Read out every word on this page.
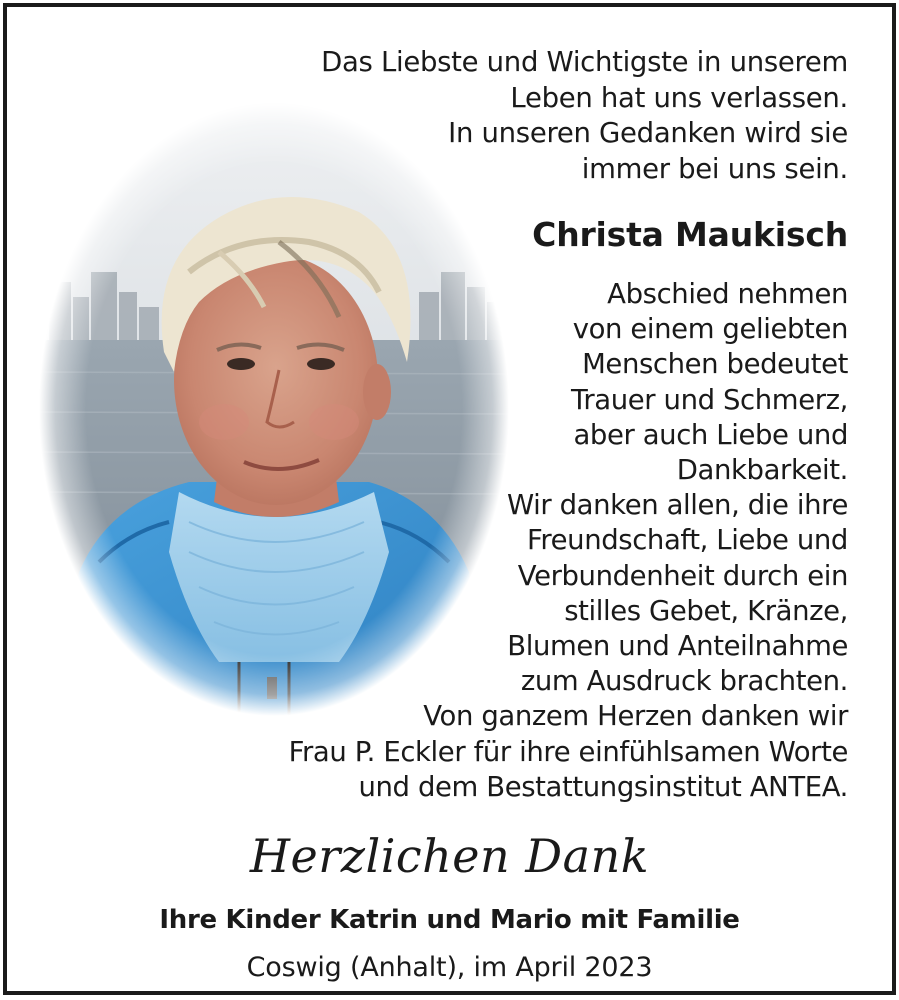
Das Liebste und Wichtigste in unserem
Leben hat uns verlassen.
In unseren Gedanken wird sie
immer bei uns sein.

Christa Maukisch

Abschied nehmen
von einem geliebten
Menschen bedeutet
Trauer und Schmerz,
aber auch Liebe und
Dankbarkeit.
Wir danken allen, die ihre
Freundschaft, Liebe und
Verbundenheit durch ein
stilles Gebet, Kränze,
Blumen und Anteilnahme
zum Ausdruck brachten.
Von ganzem Herzen danken wir
Frau P. Eckler für ihre einfühlsamen Worte
und dem Bestattungsinstitut ANTEA.

Herzlichen Dank

Ihre Kinder Katrin und Mario mit Familie

Coswig (Anhalt), im April 2023
